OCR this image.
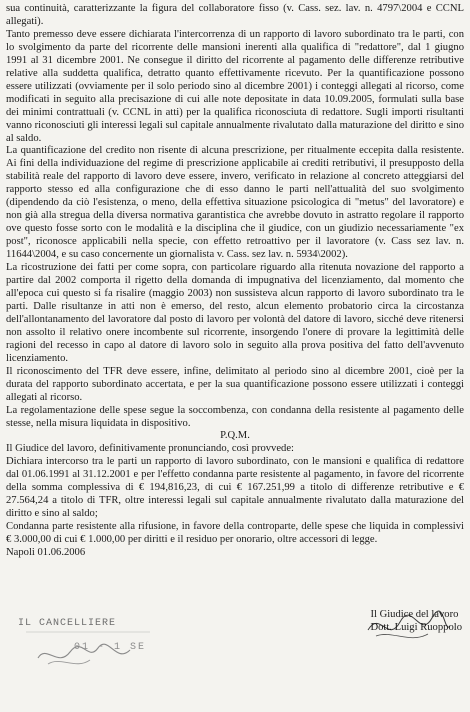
sua continuità, caratterizzante la figura del collaboratore fisso (v. Cass. sez. lav. n. 4797\2004 e CCNL allegati).

Tanto premesso deve essere dichiarata l'intercorrenza di un rapporto di lavoro subordinato tra le parti, con lo svolgimento da parte del ricorrente delle mansioni inerenti alla qualifica di "redattore", dal 1 giugno 1991 al 31 dicembre 2001. Ne consegue il diritto del ricorrente al pagamento delle differenze retributive relative alla suddetta qualifica, detratto quanto effettivamente ricevuto. Per la quantificazione possono essere utilizzati (ovviamente per il solo periodo sino al dicembre 2001) i conteggi allegati al ricorso, come modificati in seguito alla precisazione di cui alle note depositate in data 10.09.2005, formulati sulla base dei minimi contrattuali (v. CCNL in atti) per la qualifica riconosciuta di redattore. Sugli importi risultanti vanno riconosciuti gli interessi legali sul capitale annualmente rivalutato dalla maturazione del diritto e sino al saldo.

La quantificazione del credito non risente di alcuna prescrizione, per ritualmente eccepita dalla resistente. Ai fini della individuazione del regime di prescrizione applicabile ai crediti retributivi, il presupposto della stabilità reale del rapporto di lavoro deve essere, invero, verificato in relazione al concreto atteggiarsi del rapporto stesso ed alla configurazione che di esso danno le parti nell'attualità del suo svolgimento (dipendendo da ciò l'esistenza, o meno, della effettiva situazione psicologica di "metus" del lavoratore) e non già alla stregua della diversa normativa garantistica che avrebbe dovuto in astratto regolare il rapporto ove questo fosse sorto con le modalità e la disciplina che il giudice, con un giudizio necessariamente "ex post", riconosce applicabili nella specie, con effetto retroattivo per il lavoratore (v. Cass sez lav. n. 11644\2004, e su caso concernente un giornalista v. Cass. sez lav. n. 5934\2002).

La ricostruzione dei fatti per come sopra, con particolare riguardo alla ritenuta novazione del rapporto a partire dal 2002 comporta il rigetto della domanda di impugnativa del licenziamento, dal momento che all'epoca cui questo si fa risalire (maggio 2003) non sussisteva alcun rapporto di lavoro subordinato tra le parti. Dalle risultanze in atti non è emerso, del resto, alcun elemento probatorio circa la circostanza dell'allontanamento del lavoratore dal posto di lavoro per volontà del datore di lavoro, sicché deve ritenersi non assolto il relativo onere incombente sul ricorrente, insorgendo l'onere di provare la legittimità delle ragioni del recesso in capo al datore di lavoro solo in seguito alla prova positiva del fatto dell'avvenuto licenziamento.

Il riconoscimento del TFR deve essere, infine, delimitato al periodo sino al dicembre 2001, cioè per la durata del rapporto subordinato accertata, e per la sua quantificazione possono essere utilizzati i conteggi allegati al ricorso.

La regolamentazione delle spese segue la soccombenza, con condanna della resistente al pagamento delle stesse, nella misura liquidata in dispositivo.

P.Q.M.

Il Giudice del lavoro, definitivamente pronunciando, così provvede:

Dichiara intercorso tra le parti un rapporto di lavoro subordinato, con le mansioni e qualifica di redattore dal 01.06.1991 al 31.12.2001 e per l'effetto condanna parte resistente al pagamento, in favore del ricorrente della somma complessiva di € 194,816,23, di cui € 167.251,99 a titolo di differenze retributive e € 27.564,24 a titolo di TFR, oltre interessi legali sul capitale annualmente rivalutato dalla maturazione del diritto e sino al saldo;

Condanna parte resistente alla rifusione, in favore della controparte, delle spese che liquida in complessivi € 3.000,00 di cui € 1.000,00 per diritti e il residuo per onorario, oltre accessori di legge.

Napoli 01.06.2006

IL CANCELLIERE
01 - 1 SE
Il Giudice del lavoro
Dott. Luigi Ruoppolo
